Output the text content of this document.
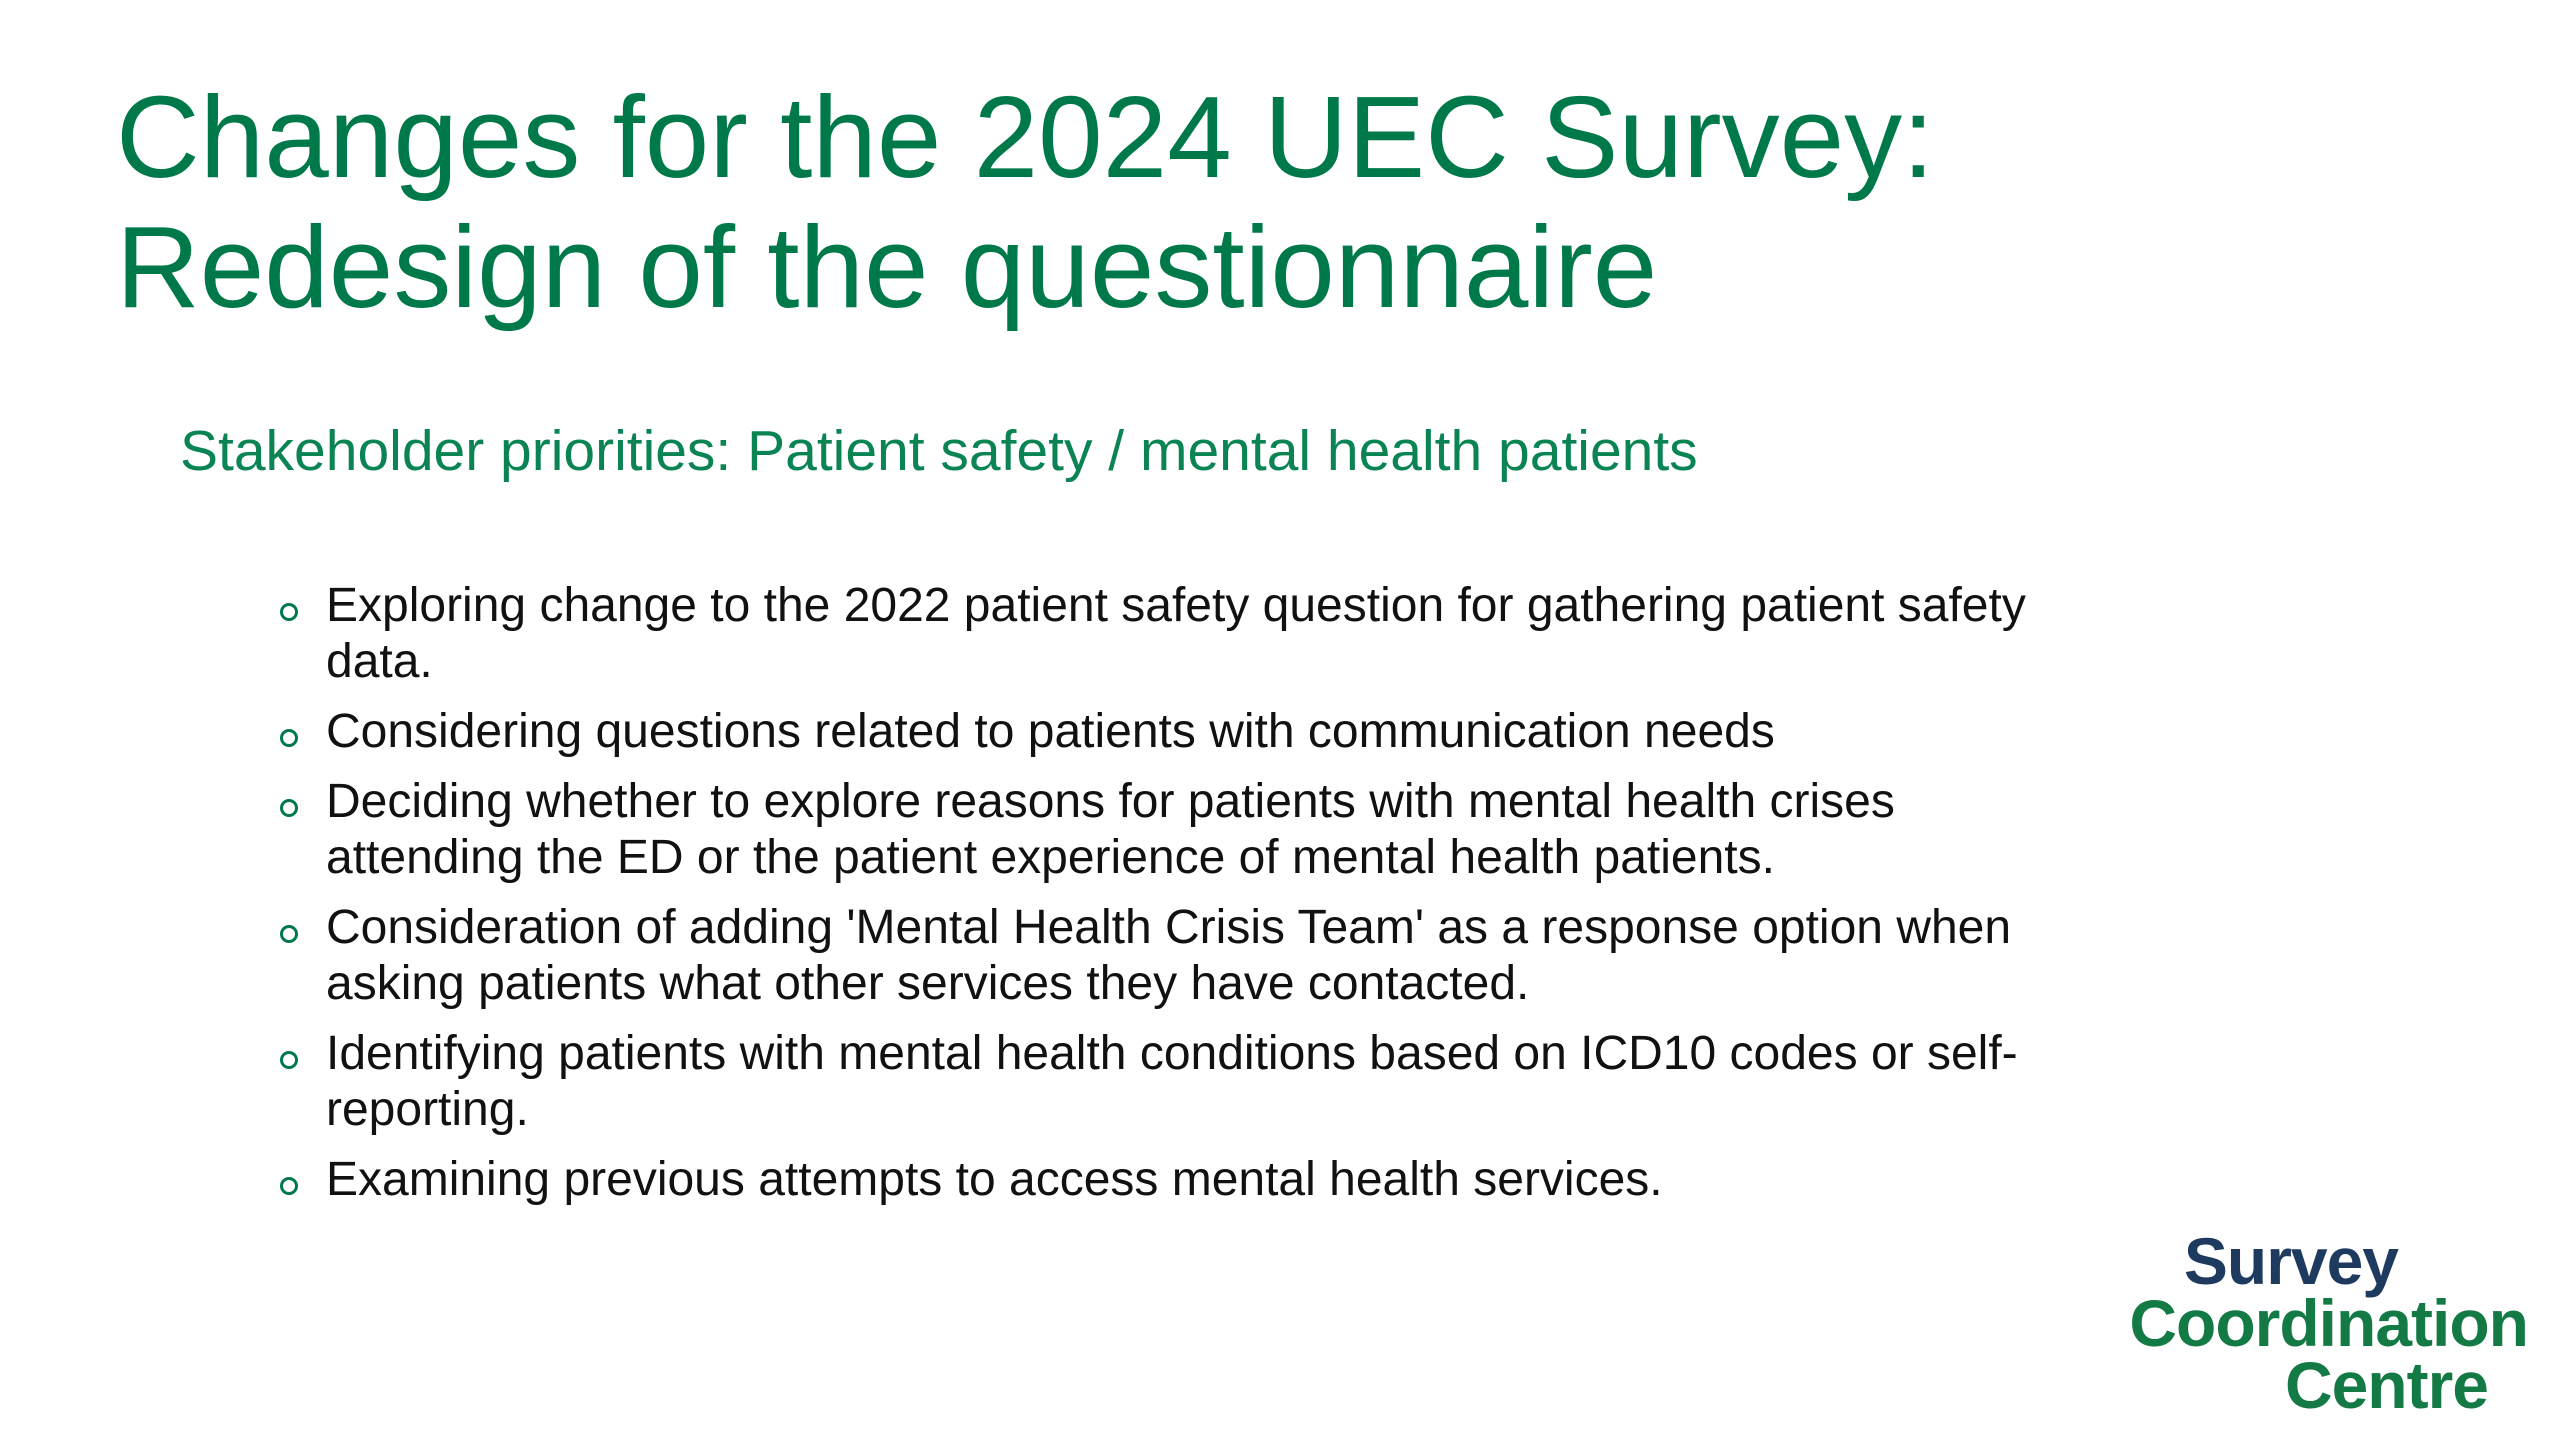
Changes for the 2024 UEC Survey:
Redesign of the questionnaire
Stakeholder priorities: Patient safety / mental health patients
Exploring change to the 2022 patient safety question for gathering patient safety data.
Considering questions related to patients with communication needs
Deciding whether to explore reasons for patients with mental health crises attending the ED or the patient experience of mental health patients.
Consideration of adding 'Mental Health Crisis Team' as a response option when asking patients what other services they have contacted.
Identifying patients with mental health conditions based on ICD10 codes or self-reporting.
Examining previous attempts to access mental health services.
Survey
Coordination
Centre
